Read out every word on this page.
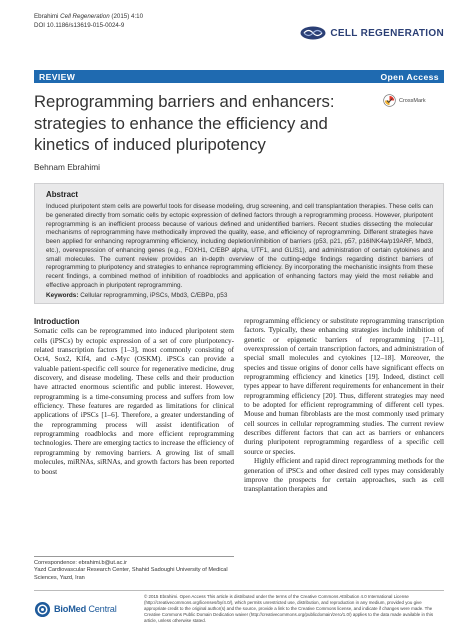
Ebrahimi Cell Regeneration (2015) 4:10
DOI 10.1186/s13619-015-0024-9
CELL REGENERATION
REVIEW	Open Access
Reprogramming barriers and enhancers: strategies to enhance the efficiency and kinetics of induced pluripotency
CrossMark
Behnam Ebrahimi
Abstract

Induced pluripotent stem cells are powerful tools for disease modeling, drug screening, and cell transplantation therapies. These cells can be generated directly from somatic cells by ectopic expression of defined factors through a reprogramming process. However, pluripotent reprogramming is an inefficient process because of various defined and unidentified barriers. Recent studies dissecting the molecular mechanisms of reprogramming have methodically improved the quality, ease, and efficiency of reprogramming. Different strategies have been applied for enhancing reprogramming efficiency, including depletion/inhibition of barriers (p53, p21, p57, p16INK4a/p19ARF, Mbd3, etc.), overexpression of enhancing genes (e.g., FOXH1, C/EBP alpha, UTF1, and GLIS1), and administration of certain cytokines and small molecules. The current review provides an in-depth overview of the cutting-edge findings regarding distinct barriers of reprogramming to pluripotency and strategies to enhance reprogramming efficiency. By incorporating the mechanistic insights from these recent findings, a combined method of inhibition of roadblocks and application of enhancing factors may yield the most reliable and effective approach in pluripotent reprogramming.

Keywords: Cellular reprogramming, iPSCs, Mbd3, C/EBPα, p53
Introduction

Somatic cells can be reprogrammed into induced pluripotent stem cells (iPSCs) by ectopic expression of a set of core pluripotency-related transcription factors [1–3], most commonly consisting of Oct4, Sox2, Klf4, and c-Myc (OSKM). iPSCs can provide a valuable patient-specific cell source for regenerative medicine, drug discovery, and disease modeling. These cells and their production have attracted enormous scientific and public interest. However, reprogramming is a time-consuming process and suffers from low efficiency. These features are regarded as limitations for clinical applications of iPSCs [1–6]. Therefore, a greater understanding of the reprogramming process will assist identification of reprogramming roadblocks and more efficient reprogramming technologies. There are emerging tactics to increase the efficiency of reprogramming by removing barriers. A growing list of small molecules, miRNAs, siRNAs, and growth factors has been reported to boost

reprogramming efficiency or substitute reprogramming transcription factors. Typically, these enhancing strategies include inhibition of genetic or epigenetic barriers of reprogramming [7–11], overexpression of certain transcription factors, and administration of special small molecules and cytokines [12–18]. Moreover, the species and tissue origins of donor cells have significant effects on reprogramming efficiency and kinetics [19]. Indeed, distinct cell types appear to have different requirements for enhancement in their reprogramming efficiency [20]. Thus, different strategies may need to be adopted for efficient reprogramming of different cell types. Mouse and human fibroblasts are the most commonly used primary cell sources in cellular reprogramming studies. The current review describes different factors that can act as barriers or enhancers during pluripotent reprogramming regardless of a specific cell source or species.

Highly efficient and rapid direct reprogramming methods for the generation of iPSCs and other desired cell types may considerably improve the prospects for certain approaches, such as cell transplantation therapies and

Correspondence: ebrahimi.b@ut.ac.ir
Yazd Cardiovascular Research Center, Shahid Sadoughi University of Medical Sciences, Yazd, Iran
BioMed Central

© 2015 Ebrahimi. Open Access This article is distributed under the terms of the Creative Commons Attribution 4.0 International License (http://creativecommons.org/licenses/by/4.0/), which permits unrestricted use, distribution, and reproduction in any medium, provided you give appropriate credit to the original author(s) and the source, provide a link to the Creative Commons license, and indicate if changes were made. The Creative Commons Public Domain Dedication waiver (http://creativecommons.org/publicdomain/zero/1.0/) applies to the data made available in this article, unless otherwise stated.
